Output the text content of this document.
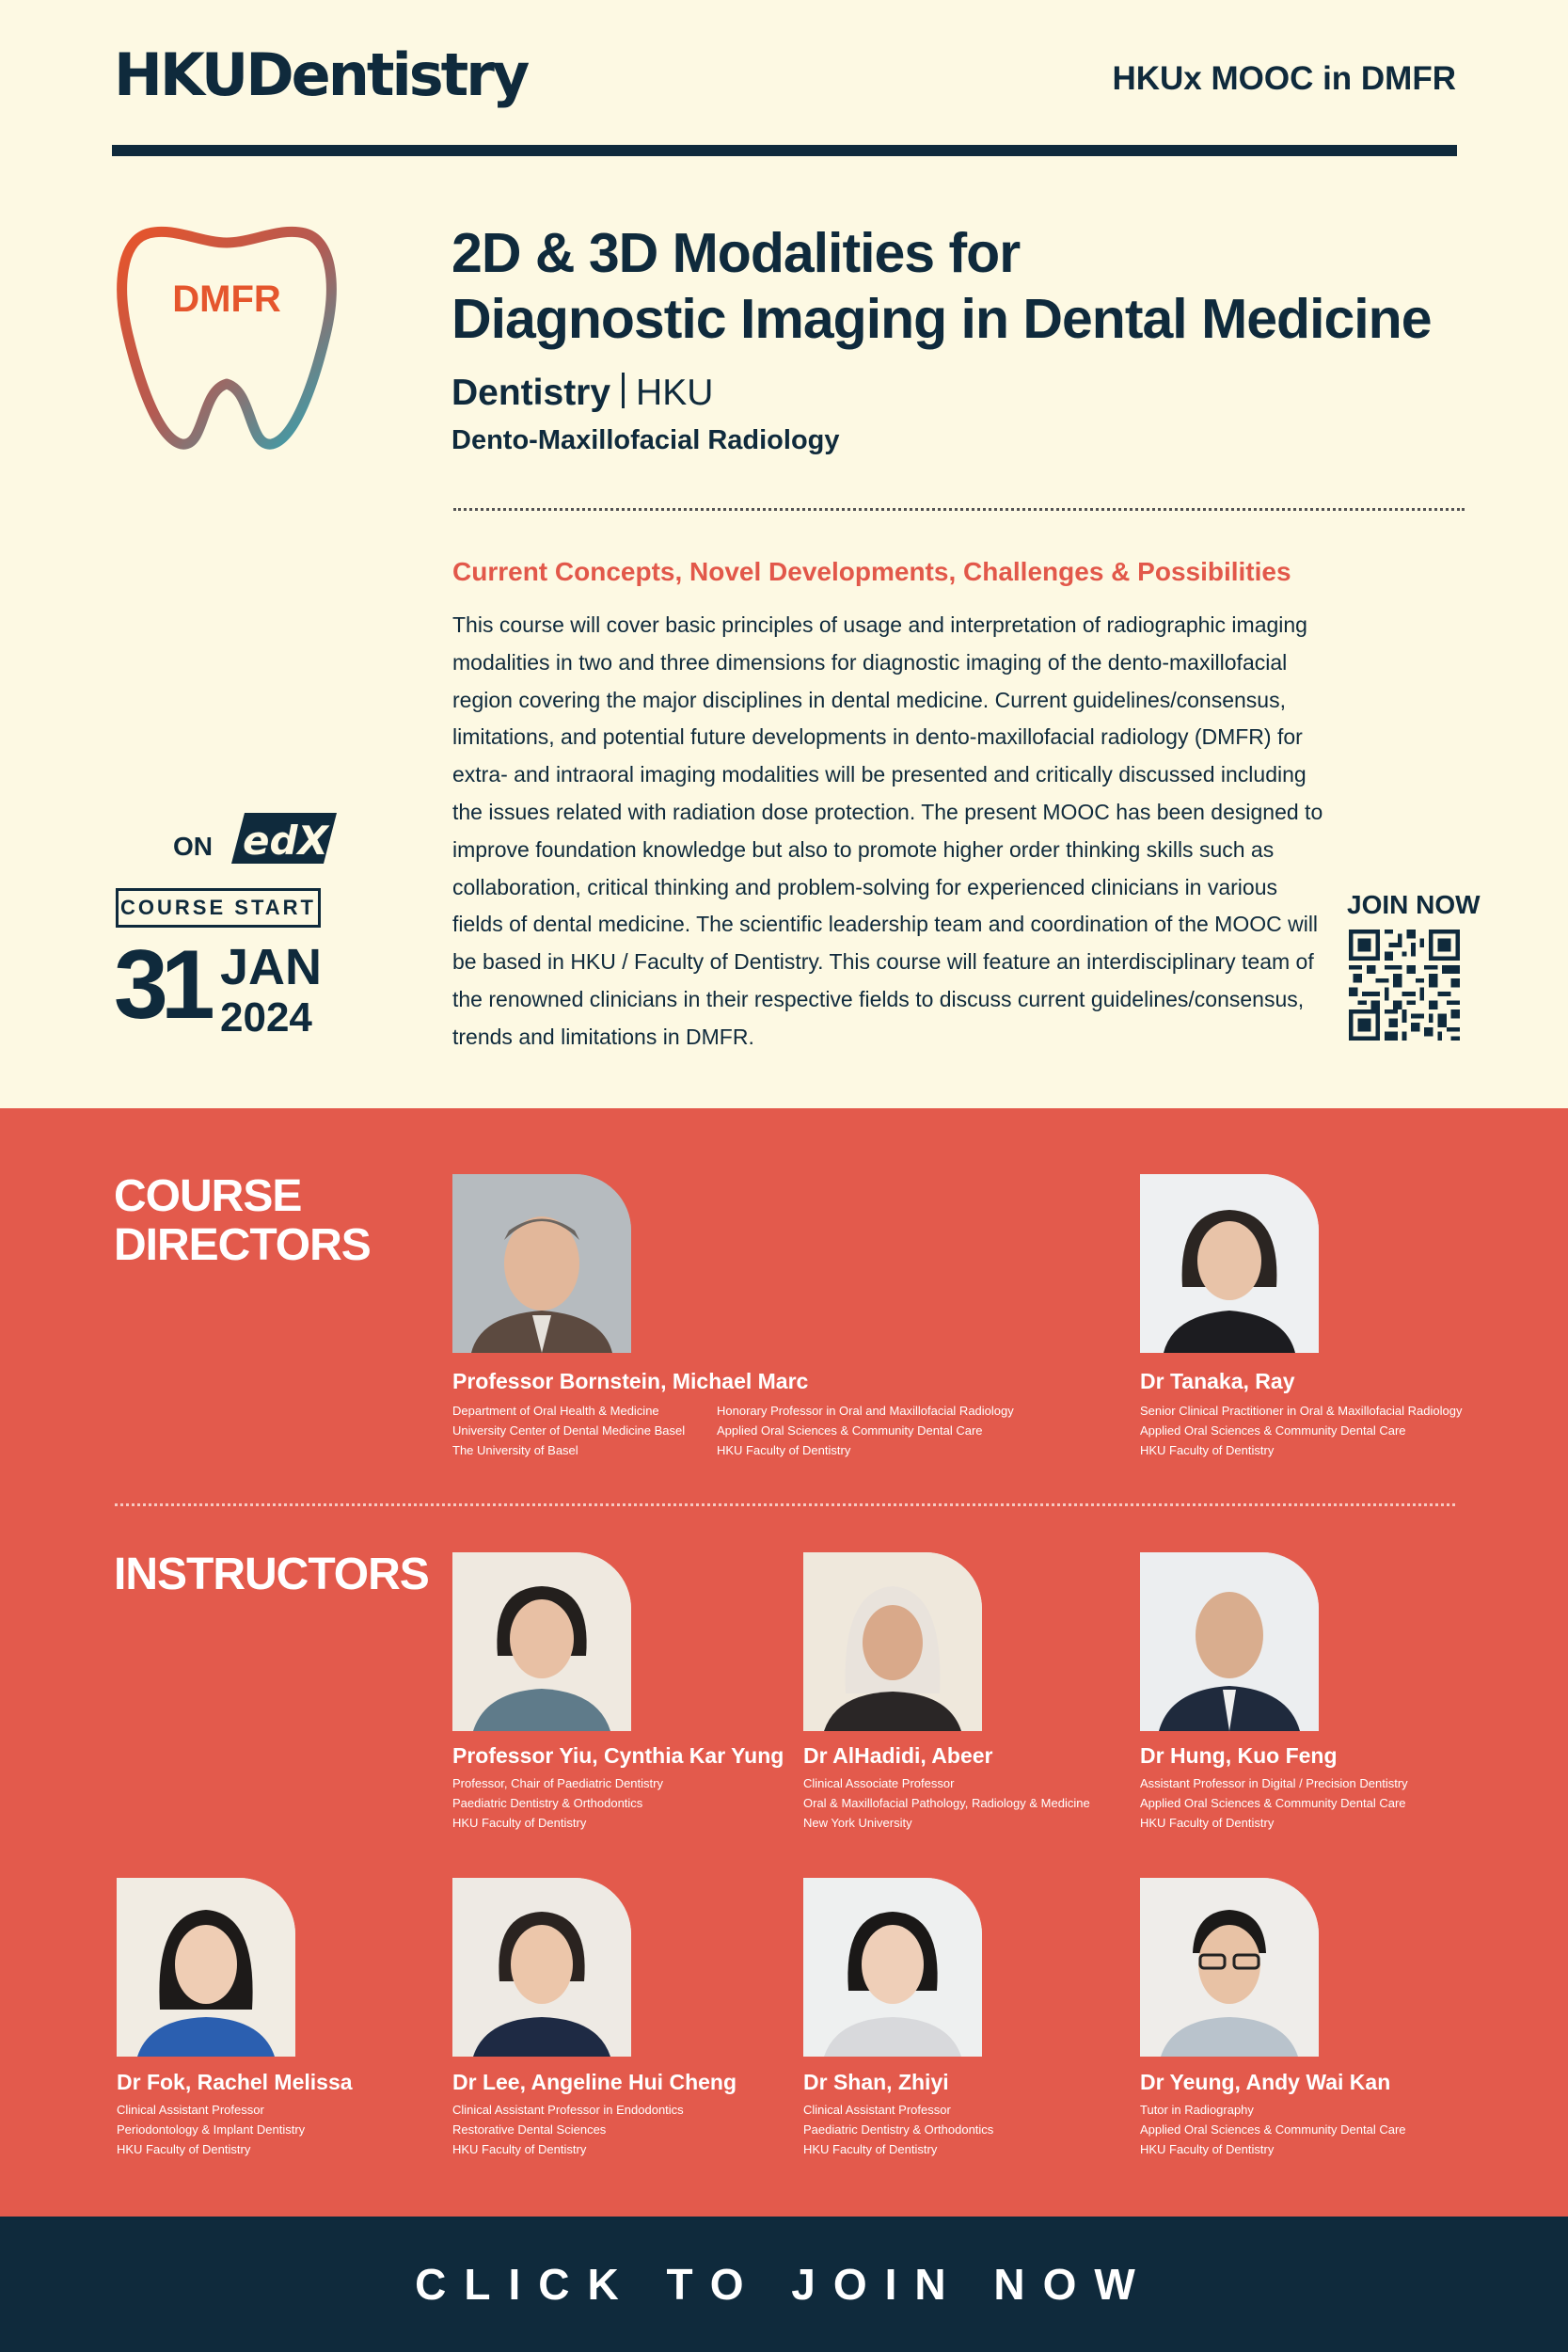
HKUDentistry	HKUx MOOC in DMFR
DMFR
2D & 3D Modalities for
Diagnostic Imaging in Dental Medicine
Dentistry HKU
Dento-Maxillofacial Radiology
Current Concepts, Novel Developments, Challenges & Possibilities

This course will cover basic principles of usage and interpretation of radiographic imaging

modalities in two and three dimensions for diagnostic imaging of the dento-maxillofacial

region covering the major disciplines in dental medicine. Current guidelines/consensus,

limitations, and potential future developments in dento-maxillofacial radiology (DMFR) for

extra- and intraoral imaging modalities will be presented and critically discussed including

the issues related with radiation dose protection. The present MOOC has been designed to

improve foundation knowledge but also to promote higher order thinking skills such as

collaboration, critical thinking and problem-solving for experienced clinicians in various

fields of dental medicine. The scientific leadership team and coordination of the MOOC will

be based in HKU / Faculty of Dentistry. This course will feature an interdisciplinary team of

the renowned clinicians in their respective fields to discuss current guidelines/consensus,

trends and limitations in DMFR.

ON edX
COURSE START
31 JAN
2024
JOIN NOW
COURSE
DIRECTORS
Professor Bornstein, Michael Marc
Department of Oral Health & Medicine
University Center of Dental Medicine Basel
The University of Basel
Honorary Professor in Oral and Maxillofacial Radiology
Applied Oral Sciences & Community Dental Care
HKU Faculty of Dentistry
Dr Tanaka, Ray
Senior Clinical Practitioner in Oral & Maxillofacial Radiology
Applied Oral Sciences & Community Dental Care
HKU Faculty of Dentistry
INSTRUCTORS
Professor Yiu, Cynthia Kar Yung
Professor, Chair of Paediatric Dentistry
Paediatric Dentistry & Orthodontics
HKU Faculty of Dentistry
Dr AlHadidi, Abeer
Clinical Associate Professor
Oral & Maxillofacial Pathology, Radiology & Medicine
New York University
Dr Hung, Kuo Feng
Assistant Professor in Digital / Precision Dentistry
Applied Oral Sciences & Community Dental Care
HKU Faculty of Dentistry
Dr Fok, Rachel Melissa
Clinical Assistant Professor
Periodontology & Implant Dentistry
HKU Faculty of Dentistry
Dr Lee, Angeline Hui Cheng
Clinical Assistant Professor in Endodontics
Restorative Dental Sciences
HKU Faculty of Dentistry
Dr Shan, Zhiyi
Clinical Assistant Professor
Paediatric Dentistry & Orthodontics
HKU Faculty of Dentistry
Dr Yeung, Andy Wai Kan
Tutor in Radiography
Applied Oral Sciences & Community Dental Care
HKU Faculty of Dentistry
CLICK TO JOIN NOW
